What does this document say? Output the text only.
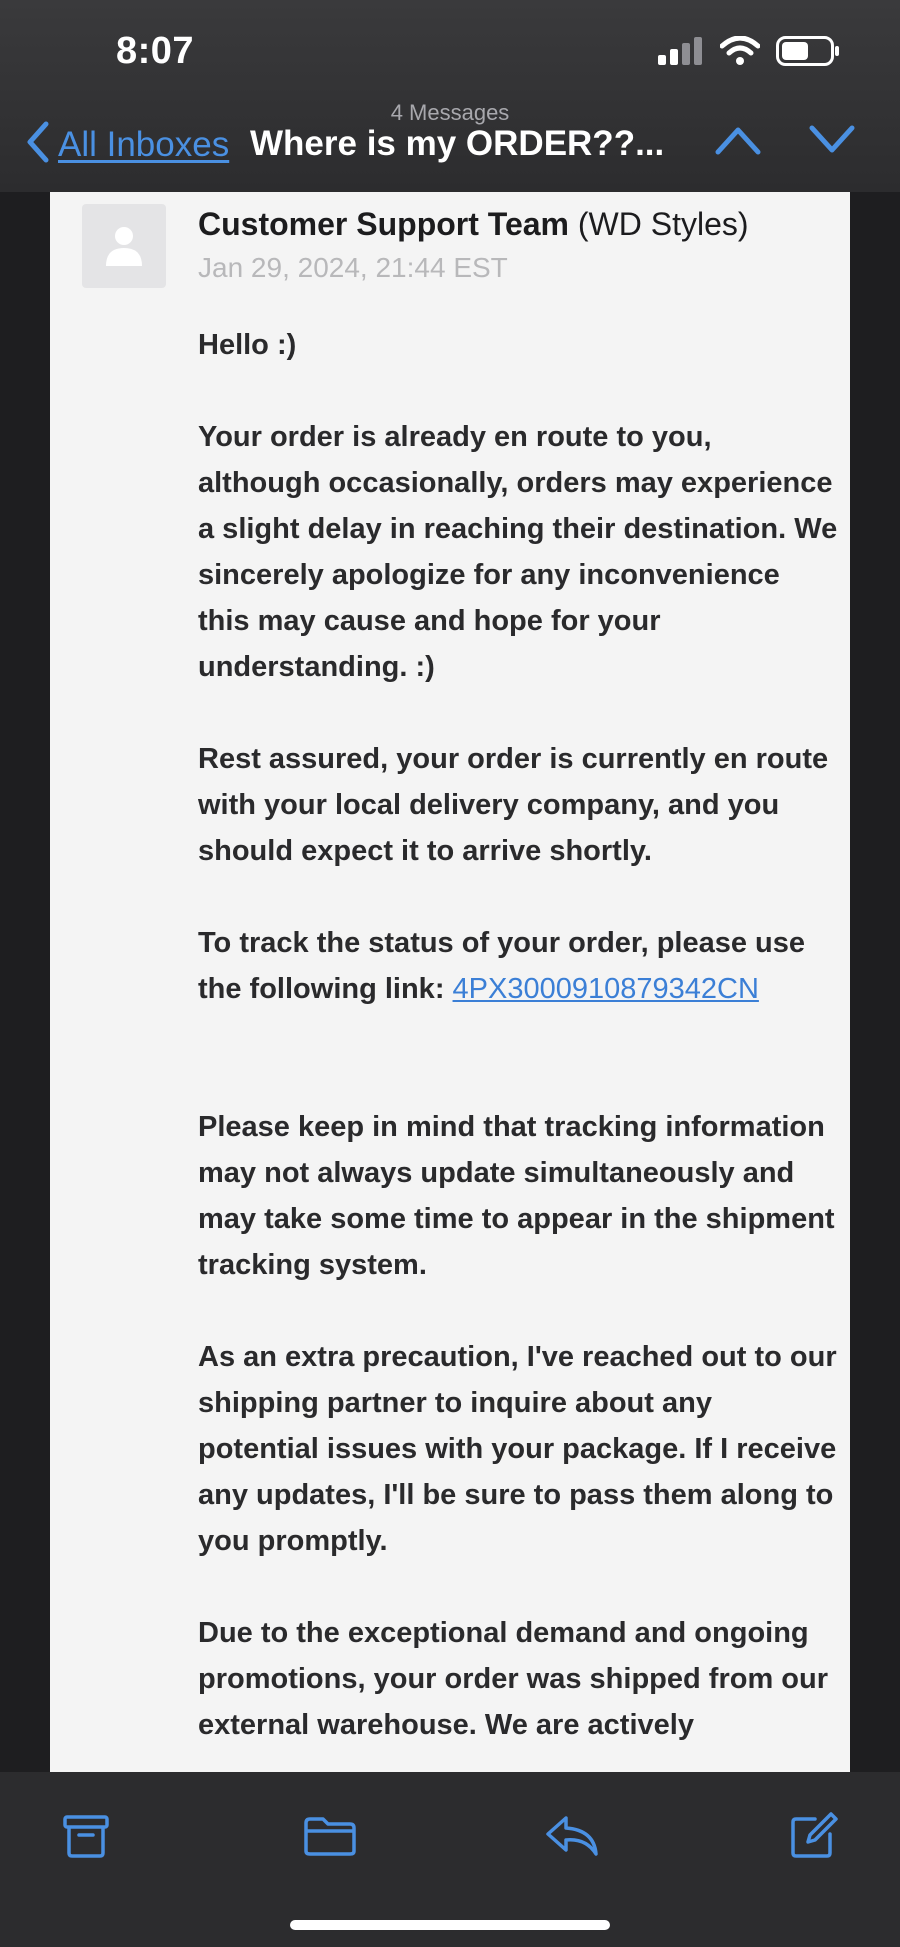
8:07
4 Messages
All Inboxes Where is my ORDER??...
Customer Support Team (WD Styles)
Jan 29, 2024, 21:44 EST

Hello :)

Your order is already en route to you, although occasionally, orders may experience a slight delay in reaching their destination. We sincerely apologize for any inconvenience this may cause and hope for your understanding. :)

Rest assured, your order is currently en route with your local delivery company, and you should expect it to arrive shortly.

To track the status of your order, please use the following link: 4PX3000910879342CN

Please keep in mind that tracking information may not always update simultaneously and may take some time to appear in the shipment tracking system.

As an extra precaution, I've reached out to our shipping partner to inquire about any potential issues with your package. If I receive any updates, I'll be sure to pass them along to you promptly.

Due to the exceptional demand and ongoing promotions, your order was shipped from our external warehouse. We are actively
